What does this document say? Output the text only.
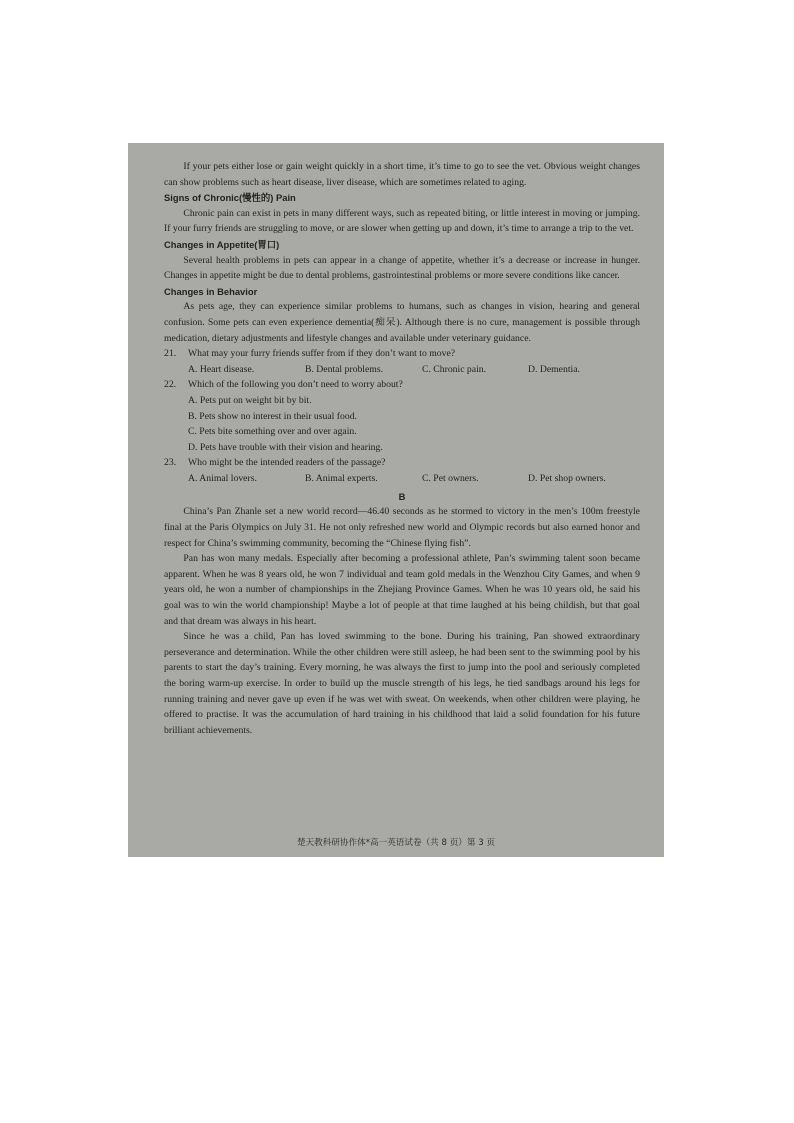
If your pets either lose or gain weight quickly in a short time, it’s time to go to see the vet. Obvious weight changes can show problems such as heart disease, liver disease, which are sometimes related to aging.

Signs of Chronic(慢性的) Pain

Chronic pain can exist in pets in many different ways, such as repeated biting, or little interest in moving or jumping. If your furry friends are struggling to move, or are slower when getting up and down, it’s time to arrange a trip to the vet.

Changes in Appetite(胃口)

Several health problems in pets can appear in a change of appetite, whether it’s a decrease or increase in hunger. Changes in appetite might be due to dental problems, gastrointestinal problems or more severe conditions like cancer.

Changes in Behavior

As pets age, they can experience similar problems to humans, such as changes in vision, hearing and general confusion. Some pets can even experience dementia(痴呆). Although there is no cure, management is possible through medication, dietary adjustments and lifestyle changes and available under veterinary guidance.

21.	What may your furry friends suffer from if they don’t want to move?
A. Heart disease.	B. Dental problems.	C. Chronic pain.	D. Dementia.
22.	Which of the following you don’t need to worry about?

A. Pets put on weight bit by bit.

B. Pets show no interest in their usual food.

C. Pets bite something over and over again.

D. Pets have trouble with their vision and hearing.

23.	Who might be the intended readers of the passage?
A. Animal lovers.	B. Animal experts.	C. Pet owners.	D. Pet shop owners.

B

China’s Pan Zhanle set a new world record—46.40 seconds as he stormed to victory in the men’s 100m freestyle final at the Paris Olympics on July 31. He not only refreshed new world and Olympic records but also earned honor and respect for China’s swimming community, becoming the “Chinese flying fish”.

Pan has won many medals. Especially after becoming a professional athlete, Pan’s swimming talent soon became apparent. When he was 8 years old, he won 7 individual and team gold medals in the Wenzhou City Games, and when 9 years old, he won a number of championships in the Zhejiang Province Games. When he was 10 years old, he said his goal was to win the world championship! Maybe a lot of people at that time laughed at his being childish, but that goal and that dream was always in his heart.

Since he was a child, Pan has loved swimming to the bone. During his training, Pan showed extraordinary perseverance and determination. While the other children were still asleep, he had been sent to the swimming pool by his parents to start the day’s training. Every morning, he was always the first to jump into the pool and seriously completed the boring warm-up exercise. In order to build up the muscle strength of his legs, he tied sandbags around his legs for running training and never gave up even if he was wet with sweat. On weekends, when other children were playing, he offered to practise. It was the accumulation of hard training in his childhood that laid a solid foundation for his future brilliant achievements.

楚天教科研协作体*高一英语试卷（共 8 页）第 3 页
